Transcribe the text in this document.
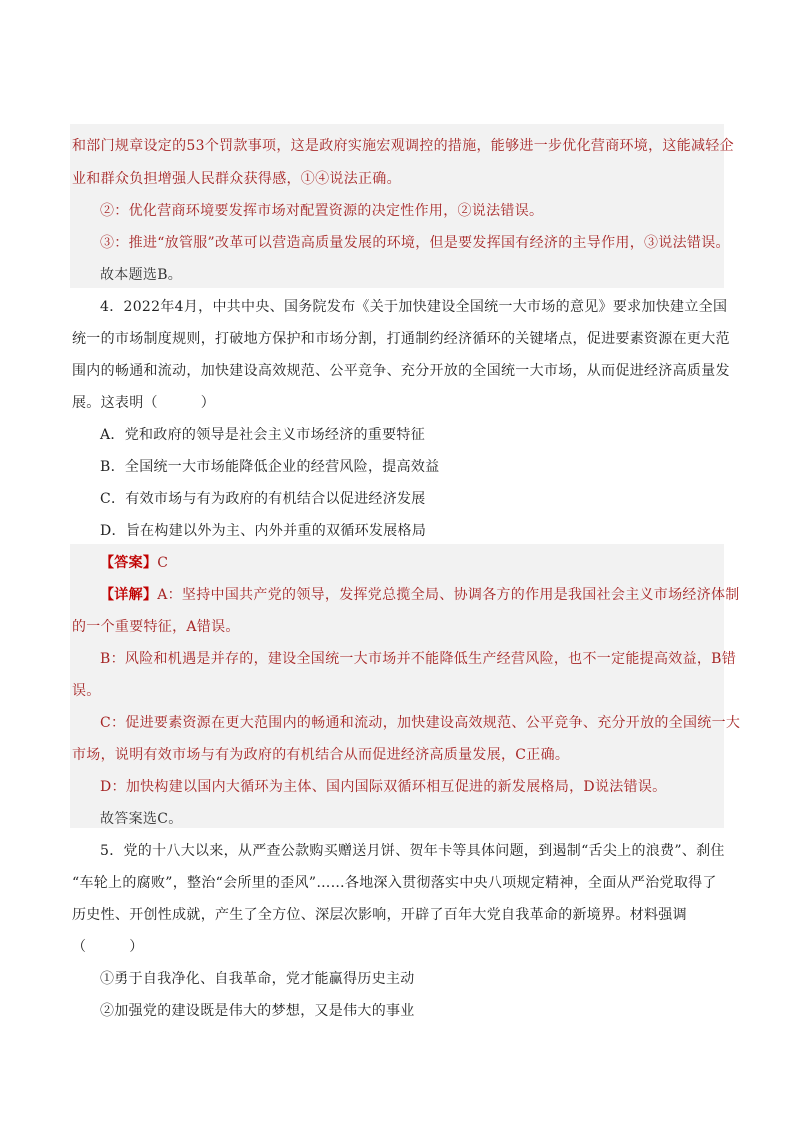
和部门规章设定的53个罚款事项，这是政府实施宏观调控的措施，能够进一步优化营商环境，这能减轻企
业和群众负担增强人民群众获得感，①④说法正确。
②：优化营商环境要发挥市场对配置资源的决定性作用，②说法错误。
③：推进“放管服”改革可以营造高质量发展的环境，但是要发挥国有经济的主导作用，③说法错误。
故本题选B。
4．2022年4月，中共中央、国务院发布《关于加快建设全国统一大市场的意见》要求加快建立全国
统一的市场制度规则，打破地方保护和市场分割，打通制约经济循环的关键堵点，促进要素资源在更大范
围内的畅通和流动，加快建设高效规范、公平竞争、充分开放的全国统一大市场，从而促进经济高质量发
展。这表明（　　　）
A．党和政府的领导是社会主义市场经济的重要特征
B．全国统一大市场能降低企业的经营风险，提高效益
C．有效市场与有为政府的有机结合以促进经济发展
D．旨在构建以外为主、内外并重的双循环发展格局
【答案】C
【详解】A：坚持中国共产党的领导，发挥党总揽全局、协调各方的作用是我国社会主义市场经济体制
的一个重要特征，A错误。
B：风险和机遇是并存的，建设全国统一大市场并不能降低生产经营风险，也不一定能提高效益，B错
误。
C：促进要素资源在更大范围内的畅通和流动，加快建设高效规范、公平竞争、充分开放的全国统一大
市场，说明有效市场与有为政府的有机结合从而促进经济高质量发展，C正确。
D：加快构建以国内大循环为主体、国内国际双循环相互促进的新发展格局，D说法错误。
故答案选C。
5．党的十八大以来，从严查公款购买赠送月饼、贺年卡等具体问题，到遏制“舌尖上的浪费”、刹住
“车轮上的腐败”，整治“会所里的歪风”……各地深入贯彻落实中央八项规定精神，全面从严治党取得了
历史性、开创性成就，产生了全方位、深层次影响，开辟了百年大党自我革命的新境界。材料强调
（　　　）
①勇于自我净化、自我革命，党才能赢得历史主动
②加强党的建设既是伟大的梦想，又是伟大的事业
